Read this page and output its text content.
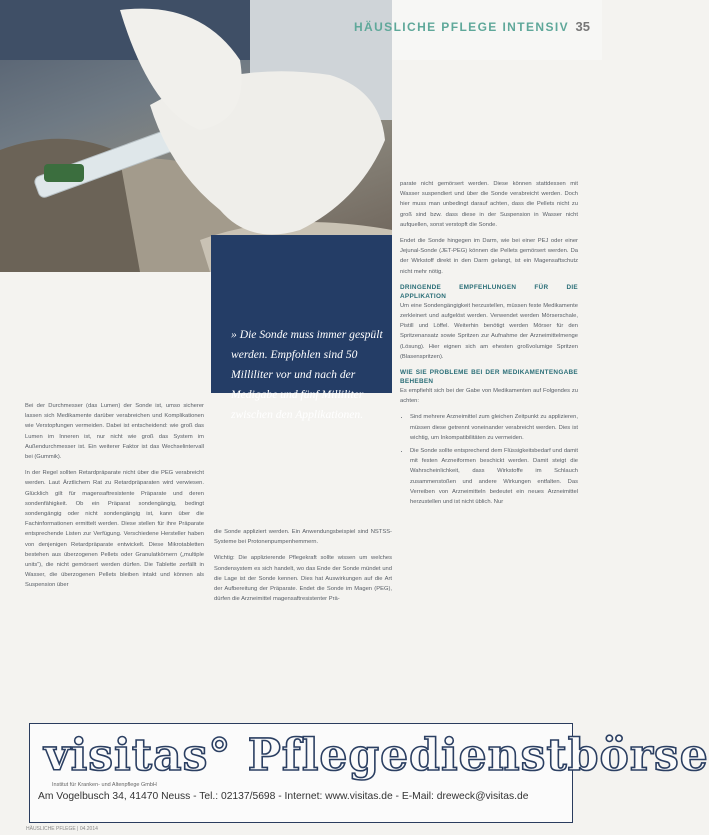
HÄUSLICHE PFLEGE INTENSIV 35

» Die Sonde muss immer gespült werden. Empfohlen sind 50 Milliliter vor und nach der Medigabe und fünf Milliliter zwischen den Applikationen.

Bei der Durchmesser (das Lumen) der Sonde ist, umso sicherer lassen sich Medikamente darüber verabreichen und Komplikationen wie Verstopfungen vermeiden. Dabei ist entscheidend: wie groß das Lumen im Inneren ist, nur nicht wie groß das System im Außendurchmesser ist. Ein weiterer Faktor ist das Wechselintervall bei (Gummik).

In der Regel sollten Retardpräparate nicht über die PEG verabreicht werden. Laut Ärztlichem Rat zu Retardpräparaten wird verwiesen. Glücklich gilt für magensaftresistente Präparate und deren sondenfähigkeit. Ob ein Präparat sondengängig, bedingt sondengängig oder nicht sondengängig ist, kann über die Fachinformationen ermittelt werden. Diese stellen für ihre Präparate entsprechende Listen zur Verfügung. Verschiedene Hersteller haben von denjenigen Retardpräparate entwickelt. Diese Mikrotabletten bestehen aus überzogenen Pellets oder Granulatkörnern („multiple units“), die nicht gemörsert werden dürfen. Die Tablette zerfällt in Wasser, die überzogenen Pellets bleiben intakt und können als Suspension über

die Sonde appliziert werden. Ein Anwendungsbeispiel sind NSTSS-Systeme bei Protonenpumpenhemmern.

Wichtig: Die applizierende Pflegekraft sollte wissen um welches Sondensystem es sich handelt, wo das Ende der Sonde mündet und die Lage ist der Sonde kennen. Dies hat Auswirkungen auf die Art der Aufbereitung der Präparate. Endet die Sonde im Magen (PEG), dürfen die Arzneimittel magensaftresistenter Prä-

parate nicht gemörsert werden. Diese können stattdessen mit Wasser suspendiert und über die Sonde verabreicht werden. Doch hier muss man unbedingt darauf achten, dass die Pellets nicht zu groß sind bzw. dass diese in der Suspension in Wasser nicht aufquellen, sonst verstopft die Sonde.

Endet die Sonde hingegen im Darm, wie bei einer PEJ oder einer Jejunal-Sonde (JET-PEG) können die Pellets gemörsert werden. Da der Wirkstoff direkt in den Darm gelangt, ist ein Magensaftschutz nicht mehr nötig.

DRINGENDE EMPFEHLUNGEN FÜR DIE APPLIKATION

Um eine Sondengängigkeit herzustellen, müssen feste Medikamente zerkleinert und aufgelöst werden. Verwendet werden Mörserschale, Pistill und Löffel. Weiterhin benötigt werden Mörser für den Spritzenansatz sowie Spritzen zur Aufnahme der Arzneimittelmenge (Lösung). Hier eignen sich am ehesten großvolumige Spritzen (Blasenspritzen).

WIE SIE PROBLEME BEI DER MEDIKAMENTENGABE BEHEBEN

Es empfiehlt sich bei der Gabe von Medikamenten auf Folgendes zu achten:

• Sind mehrere Arzneimittel zum gleichen Zeitpunkt zu applizieren, müssen diese getrennt voneinander verabreicht werden. Dies ist wichtig, um Inkompatibilitäten zu vermeiden.
• Die Sonde sollte entsprechend dem Flüssigkeitsbedarf und damit mit festen Arzneiformen beschickt werden. Damit steigt die Wahrscheinlichkeit, dass Wirkstoffe im Schlauch zusammenstoßen und andere Wirkungen entfalten. Das Verreiben von Arzneimitteln bedeutet ein neues Arzneimittel herzustellen und ist nicht üblich. Nur
visitas° Pflegedienstbörse
Institut für Kranken- und Altenpflege GmbH
Am Vogelbusch 34, 41470 Neuss - Tel.: 02137/5698 - Internet: www.visitas.de - E-Mail: dreweck@visitas.de
HÄUSLICHE PFLEGE | 04.2014
